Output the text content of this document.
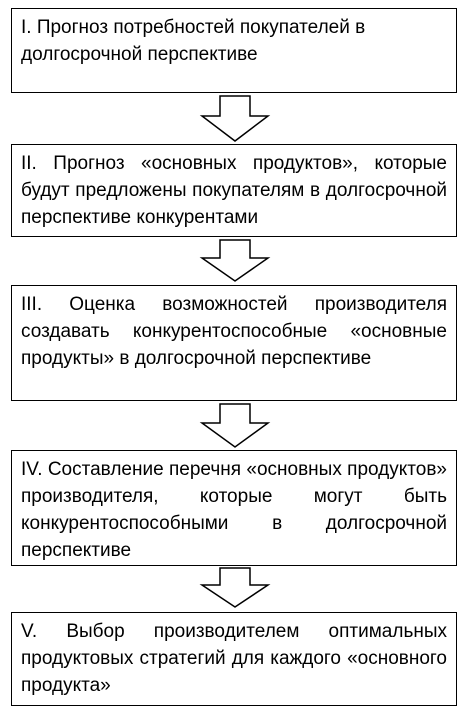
I. Прогноз потребностей покупателей в долгосрочной перспективе
II. Прогноз «основных продуктов», которые будут предложены покупателям в долгосрочной перспективе конкурентами
III. Оценка возможностей производителя создавать конкурентоспособные «основные продукты» в долгосрочной перспективе
IV. Составление перечня «основных продуктов» производителя, которые могут быть конкурентоспособными в долгосрочной перспективе
V. Выбор производителем оптимальных продуктовых стратегий для каждого «основного продукта»
